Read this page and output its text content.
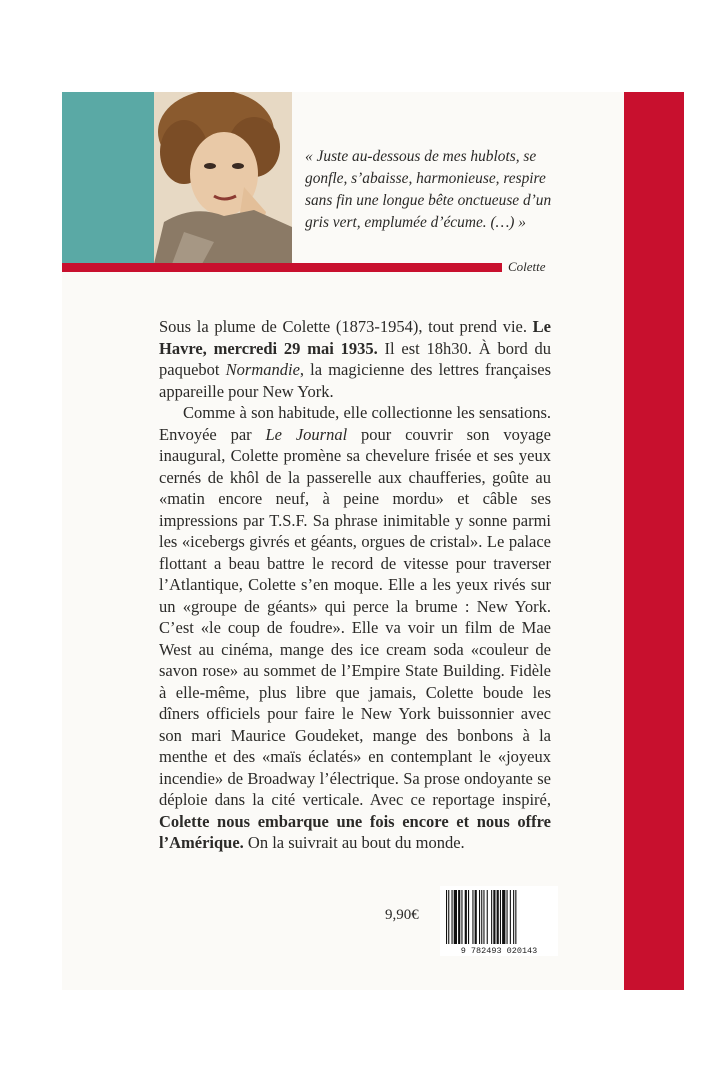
« Juste au-dessous de mes hublots, se gonfle, s’abaisse, harmonieuse, respire sans fin une longue bête onctueuse d’un gris vert, emplumée d’écume. (…) »
Colette

Sous la plume de Colette (1873-1954), tout prend vie. Le Havre, mercredi 29 mai 1935. Il est 18h30. À bord du paquebot Normandie, la magicienne des lettres françaises appareille pour New York.

Comme à son habitude, elle collectionne les sensations. Envoyée par Le Journal pour couvrir son voyage inaugural, Colette promène sa chevelure frisée et ses yeux cernés de khôl de la passerelle aux chaufferies, goûte au «matin encore neuf, à peine mordu» et câble ses impressions par T.S.F. Sa phrase inimitable y sonne parmi les «icebergs givrés et géants, orgues de cristal». Le palace flottant a beau battre le record de vitesse pour traverser l’Atlantique, Colette s’en moque. Elle a les yeux rivés sur un «groupe de géants» qui perce la brume : New York. C’est «le coup de foudre». Elle va voir un film de Mae West au cinéma, mange des ice cream soda «couleur de savon rose» au sommet de l’Empire State Building. Fidèle à elle-même, plus libre que jamais, Colette boude les dîners officiels pour faire le New York buissonnier avec son mari Maurice Goudeket, mange des bonbons à la menthe et des «maïs éclatés» en contemplant le «joyeux incendie» de Broadway l’électrique. Sa prose ondoyante se déploie dans la cité verticale. Avec ce reportage inspiré, Colette nous embarque une fois encore et nous offre l’Amérique. On la suivrait au bout du monde.

9,90€
9 782493 020143
